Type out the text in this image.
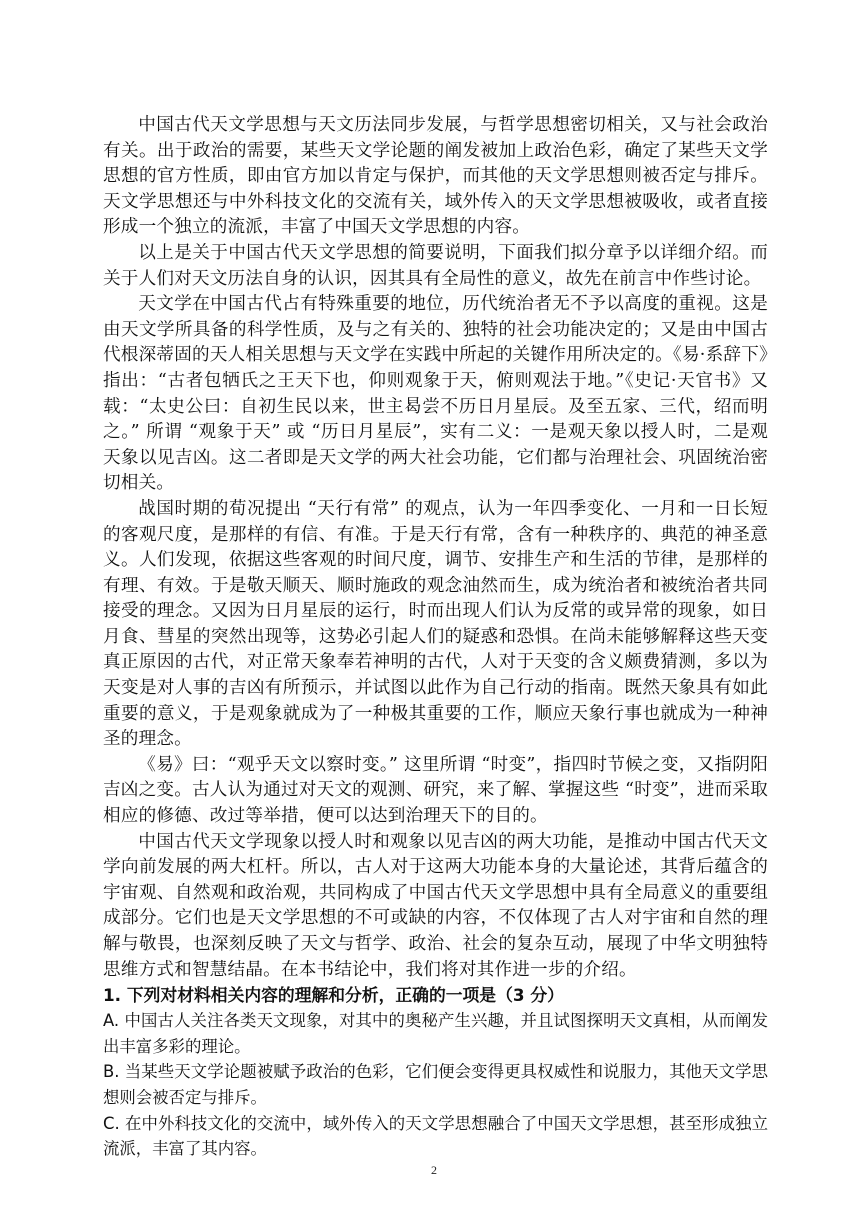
中国古代天文学思想与天文历法同步发展，与哲学思想密切相关，又与社会政治有关。出于政治的需要，某些天文学论题的阐发被加上政治色彩，确定了某些天文学思想的官方性质，即由官方加以肯定与保护，而其他的天文学思想则被否定与排斥。天文学思想还与中外科技文化的交流有关，域外传入的天文学思想被吸收，或者直接形成一个独立的流派，丰富了中国天文学思想的内容。

以上是关于中国古代天文学思想的简要说明，下面我们拟分章予以详细介绍。而关于人们对天文历法自身的认识，因其具有全局性的意义，故先在前言中作些讨论。

天文学在中国古代占有特殊重要的地位，历代统治者无不予以高度的重视。这是由天文学所具备的科学性质，及与之有关的、独特的社会功能决定的；又是由中国古代根深蒂固的天人相关思想与天文学在实践中所起的关键作用所决定的。《易·系辞下》指出：“古者包牺氏之王天下也，仰则观象于天，俯则观法于地。”《史记·天官书》又载：“太史公曰：自初生民以来，世主曷尝不历日月星辰。及至五家、三代，绍而明之。” 所谓 “观象于天” 或 “历日月星辰”，实有二义：一是观天象以授人时，二是观天象以见吉凶。这二者即是天文学的两大社会功能，它们都与治理社会、巩固统治密切相关。

战国时期的荀况提出 “天行有常” 的观点，认为一年四季变化、一月和一日长短的客观尺度，是那样的有信、有准。于是天行有常，含有一种秩序的、典范的神圣意义。人们发现，依据这些客观的时间尺度，调节、安排生产和生活的节律，是那样的有理、有效。于是敬天顺天、顺时施政的观念油然而生，成为统治者和被统治者共同接受的理念。又因为日月星辰的运行，时而出现人们认为反常的或异常的现象，如日月食、彗星的突然出现等，这势必引起人们的疑惑和恐惧。在尚未能够解释这些天变真正原因的古代，对正常天象奉若神明的古代，人对于天变的含义颇费猜测，多以为天变是对人事的吉凶有所预示，并试图以此作为自己行动的指南。既然天象具有如此重要的意义，于是观象就成为了一种极其重要的工作，顺应天象行事也就成为一种神圣的理念。

《易》曰：“观乎天文以察时变。” 这里所谓 “时变”，指四时节候之变，又指阴阳吉凶之变。古人认为通过对天文的观测、研究，来了解、掌握这些 “时变”，进而采取相应的修德、改过等举措，便可以达到治理天下的目的。

中国古代天文学现象以授人时和观象以见吉凶的两大功能，是推动中国古代天文学向前发展的两大杠杆。所以，古人对于这两大功能本身的大量论述，其背后蕴含的宇宙观、自然观和政治观，共同构成了中国古代天文学思想中具有全局意义的重要组成部分。它们也是天文学思想的不可或缺的内容，不仅体现了古人对宇宙和自然的理解与敬畏，也深刻反映了天文与哲学、政治、社会的复杂互动，展现了中华文明独特思维方式和智慧结晶。在本书结论中，我们将对其作进一步的介绍。

1. 下列对材料相关内容的理解和分析，正确的一项是（3 分）

A. 中国古人关注各类天文现象，对其中的奥秘产生兴趣，并且试图探明天文真相，从而阐发出丰富多彩的理论。

B. 当某些天文学论题被赋予政治的色彩，它们便会变得更具权威性和说服力，其他天文学思想则会被否定与排斥。

C. 在中外科技文化的交流中，域外传入的天文学思想融合了中国天文学思想，甚至形成独立流派，丰富了其内容。

2
